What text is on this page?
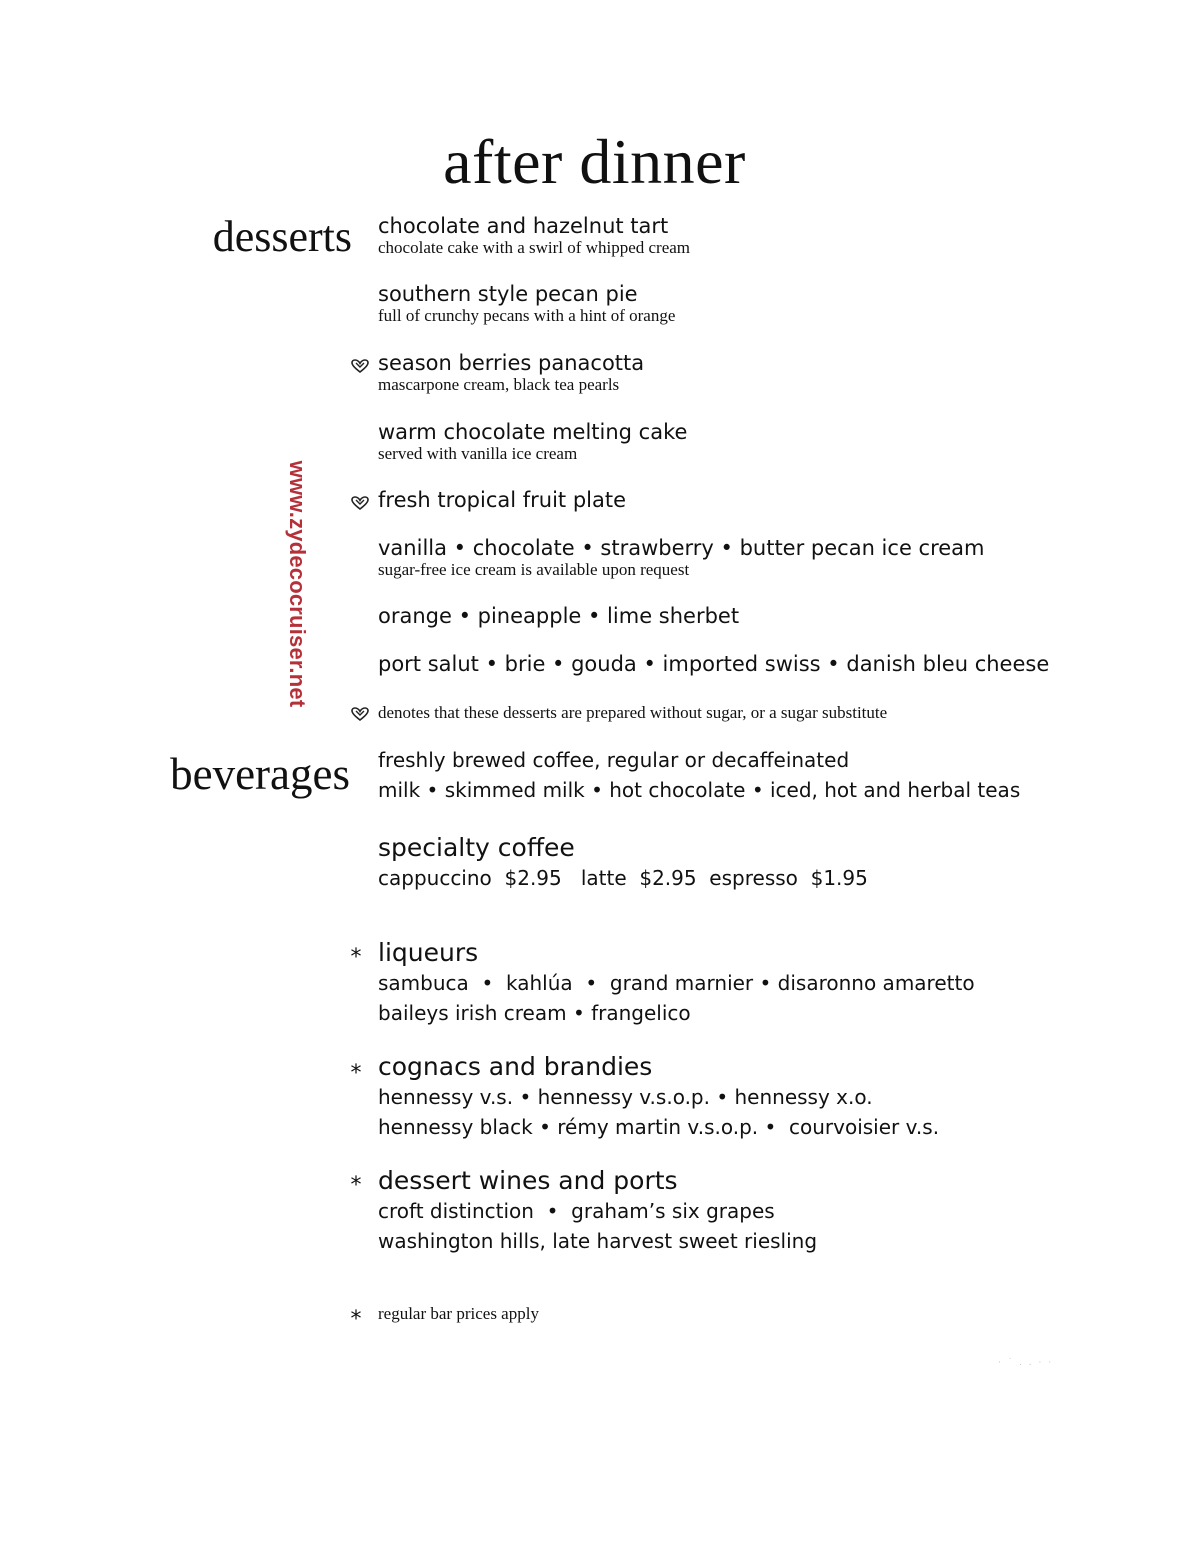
after dinner
desserts
beverages
www.zydecocruiser.net
chocolate and hazelnut tart
chocolate cake with a swirl of whipped cream
southern style pecan pie
full of crunchy pecans with a hint of orange
season berries panacotta
mascarpone cream, black tea pearls
warm chocolate melting cake
served with vanilla ice cream
fresh tropical fruit plate
vanilla • chocolate • strawberry • butter pecan ice cream
sugar-free ice cream is available upon request
orange • pineapple • lime sherbet
port salut • brie • gouda • imported swiss • danish bleu cheese
denotes that these desserts are prepared without sugar, or a sugar substitute
freshly brewed coffee, regular or decaffeinated
milk • skimmed milk • hot chocolate • iced, hot and herbal teas
specialty coffee
cappuccino  $2.95   latte  $2.95  espresso  $1.95
* liqueurs
sambuca  •  kahlúa  •  grand marnier • disaronno amaretto
baileys irish cream • frangelico
* cognacs and brandies
hennessy v.s. • hennessy v.s.o.p. • hennessy x.o.
hennessy black • rémy martin v.s.o.p. •  courvoisier v.s.
* dessert wines and ports
croft distinction  •  graham’s six grapes
washington hills, late harvest sweet riesling
* regular bar prices apply
· ˙ . . · ·
